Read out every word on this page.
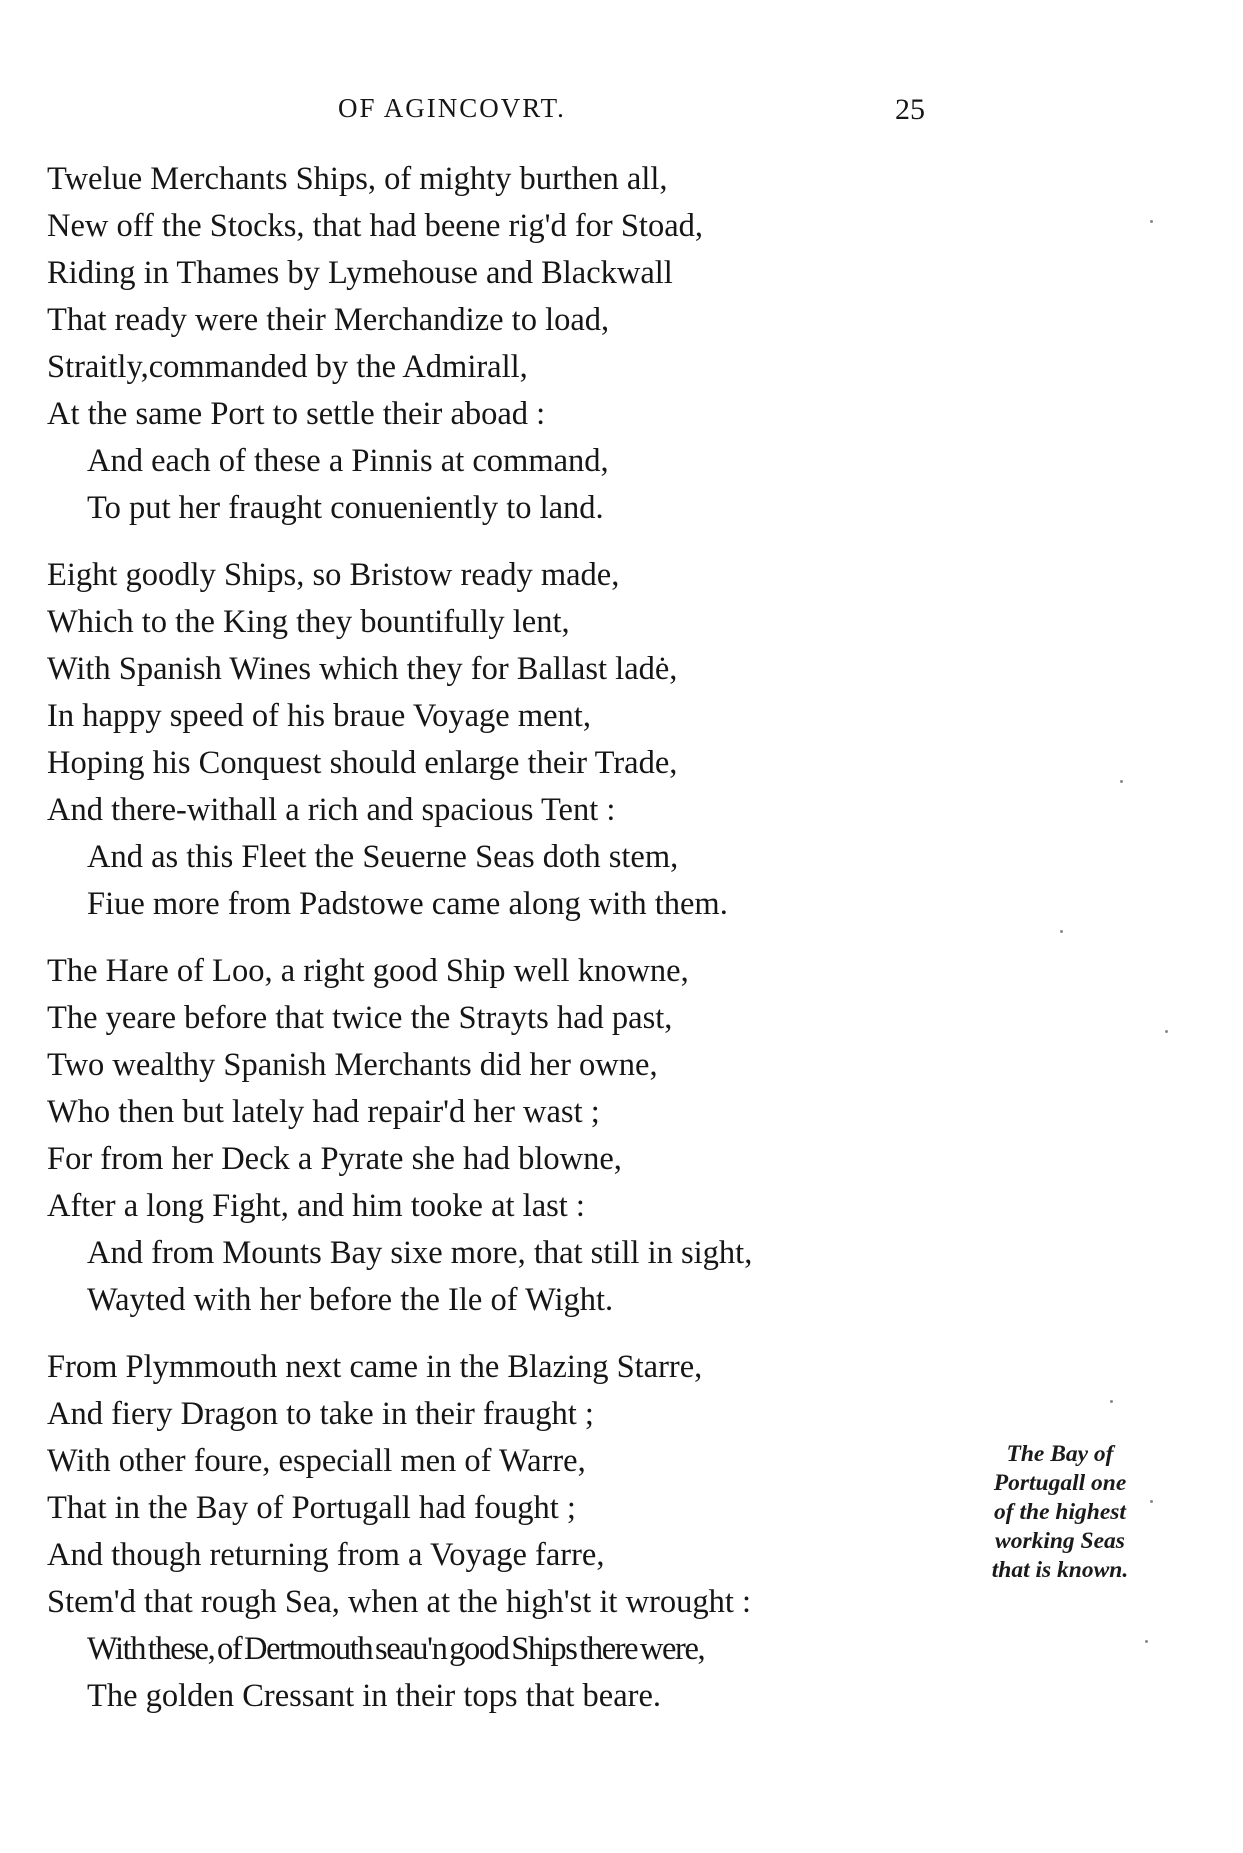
OF AGINCOVRT.	25
Twelue Merchants Ships, of mighty burthen all,
New off the Stocks, that had beene rig'd for Stoad,
Riding in Thames by Lymehouse and Blackwall
That ready were their Merchandize to load,
Straitly,commanded by the Admirall,
At the same Port to settle their aboad :
And each of these a Pinnis at command,
To put her fraught conueniently to land.
Eight goodly Ships, so Bristow ready made,
Which to the King they bountifully lent,
With Spanish Wines which they for Ballast ladė,
In happy speed of his braue Voyage ment,
Hoping his Conquest should enlarge their Trade,
And there-withall a rich and spacious Tent :
And as this Fleet the Seuerne Seas doth stem,
Fiue more from Padstowe came along with them.
The Hare of Loo, a right good Ship well knowne,
The yeare before that twice the Strayts had past,
Two wealthy Spanish Merchants did her owne,
Who then but lately had repair'd her wast ;
For from her Deck a Pyrate she had blowne,
After a long Fight, and him tooke at last :
And from Mounts Bay sixe more, that still in sight,
Wayted with her before the Ile of Wight.
From Plymmouth next came in the Blazing Starre,
And fiery Dragon to take in their fraught ;
With other foure, especiall men of Warre,
That in the Bay of Portugall had fought ;
And though returning from a Voyage farre,
Stem'd that rough Sea, when at the high'st it wrought :
With these, of Dertmouth seau'n good Ships there were,
The golden Cressant in their tops that beare.
The Bay of
Portugall one
of the highest
working Seas
that is known.
